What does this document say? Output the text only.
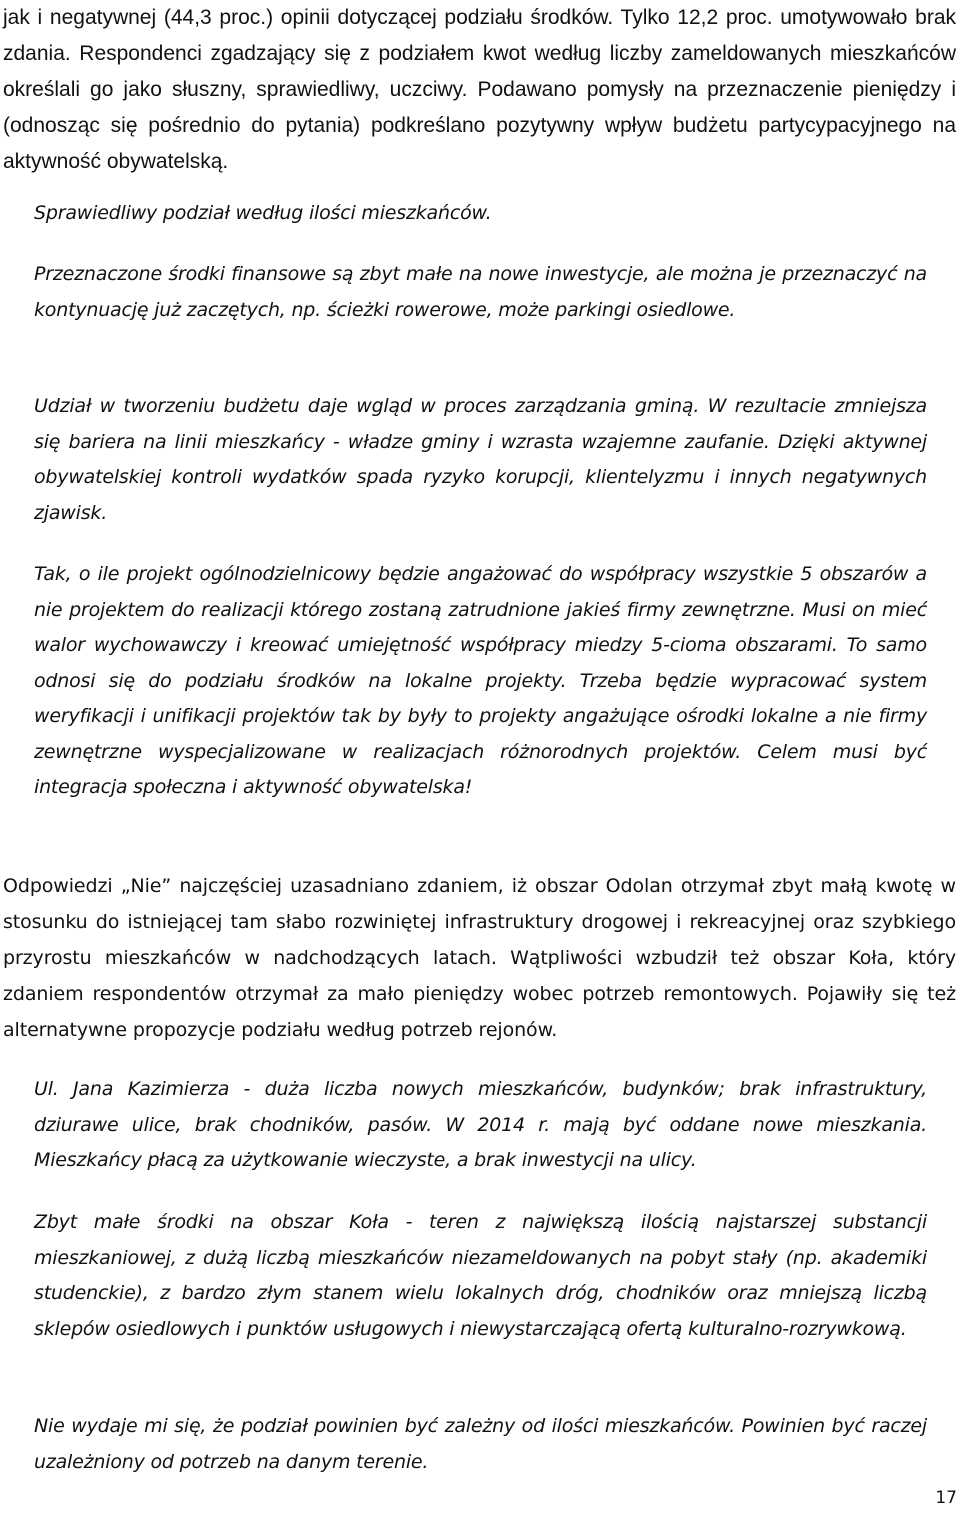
jak i negatywnej (44,3 proc.) opinii dotyczącej podziału środków. Tylko 12,2 proc. umotywowało brak zdania. Respondenci zgadzający się z podziałem kwot według liczby zameldowanych mieszkańców określali go jako słuszny, sprawiedliwy, uczciwy. Podawano pomysły na przeznaczenie pieniędzy i (odnosząc się pośrednio do pytania) podkreślano pozytywny wpływ budżetu partycypacyjnego na aktywność obywatelską.

Sprawiedliwy podział według ilości mieszkańców.

Przeznaczone środki finansowe są zbyt małe na nowe inwestycje, ale można je przeznaczyć na kontynuację już zaczętych, np. ścieżki rowerowe, może parkingi osiedlowe.

Udział w tworzeniu budżetu daje wgląd w proces zarządzania gminą. W rezultacie zmniejsza się bariera na linii mieszkańcy - władze gminy i wzrasta wzajemne zaufanie. Dzięki aktywnej obywatelskiej kontroli wydatków spada ryzyko korupcji, klientelyzmu i innych negatywnych zjawisk.

Tak, o ile projekt ogólnodzielnicowy będzie angażować do współpracy wszystkie 5 obszarów a nie projektem do realizacji którego zostaną zatrudnione jakieś firmy zewnętrzne. Musi on mieć walor wychowawczy i kreować umiejętność współpracy miedzy 5-cioma obszarami. To samo odnosi się do podziału środków na lokalne projekty. Trzeba będzie wypracować system weryfikacji i unifikacji projektów tak by były to projekty angażujące ośrodki lokalne a nie firmy zewnętrzne wyspecjalizowane w realizacjach różnorodnych projektów. Celem musi być integracja społeczna i aktywność obywatelska!

Odpowiedzi „Nie” najczęściej uzasadniano zdaniem, iż obszar Odolan otrzymał zbyt małą kwotę w stosunku do istniejącej tam słabo rozwiniętej infrastruktury drogowej i rekreacyjnej oraz szybkiego przyrostu mieszkańców w nadchodzących latach. Wątpliwości wzbudził też obszar Koła, który zdaniem respondentów otrzymał za mało pieniędzy wobec potrzeb remontowych. Pojawiły się też alternatywne propozycje podziału według potrzeb rejonów.

Ul. Jana Kazimierza - duża liczba nowych mieszkańców, budynków; brak infrastruktury, dziurawe ulice, brak chodników, pasów. W 2014 r. mają być oddane nowe mieszkania. Mieszkańcy płacą za użytkowanie wieczyste, a brak inwestycji na ulicy.

Zbyt małe środki na obszar Koła - teren z największą ilością najstarszej substancji mieszkaniowej, z dużą liczbą mieszkańców niezameldowanych na pobyt stały (np. akademiki studenckie), z bardzo złym stanem wielu lokalnych dróg, chodników oraz mniejszą liczbą sklepów osiedlowych i punktów usługowych i niewystarczającą ofertą kulturalno-rozrywkową.

Nie wydaje mi się, że podział powinien być zależny od ilości mieszkańców. Powinien być raczej uzależniony od potrzeb na danym terenie.

17
